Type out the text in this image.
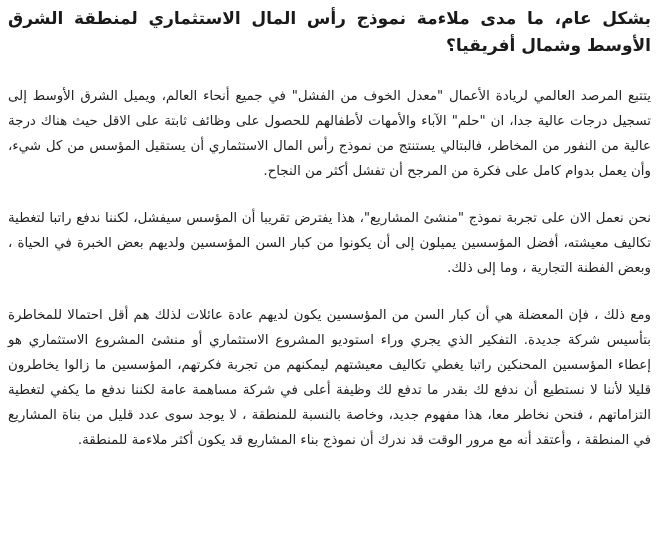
بشكل عام، ما مدى ملاءمة نموذج رأس المال الاستثماري لمنطقة الشرق الأوسط وشمال أفريقيا؟

يتتبع المرصد العالمي لريادة الأعمال "معدل الخوف من الفشل" في جميع أنحاء العالم، ويميل الشرق الأوسط إلى تسجيل درجات عالية جدا، ان "حلم" الآباء والأمهات لأطفالهم للحصول على وظائف ثابتة على الاقل حيث هناك درجة عالية من النفور من المخاطر، فالبتالي يستنتج من نموذج رأس المال الاستثماري أن يستقيل المؤسس من كل شيء، وأن يعمل بدوام كامل على فكرة من المرجح أن تفشل أكثر من النجاح.

نحن نعمل الان على تجربة نموذج "منشئ المشاريع"، هذا يفترض تقريبا أن المؤسس سيفشل، لكننا ندفع راتبا لتغطية تكاليف معيشته، أفضل المؤسسين يميلون إلى أن يكونوا من كبار السن المؤسسين ولديهم بعض الخبرة في الحياة ، وبعض الفطنة التجارية ، وما إلى ذلك.

ومع ذلك ، فإن المعضلة هي أن كبار السن من المؤسسين يكون لديهم عادة عائلات لذلك هم أقل احتمالا للمخاطرة بتأسيس شركة جديدة. التفكير الذي يجري وراء استوديو المشروع الاستثماري أو منشئ المشروع الاستثماري هو إعطاء المؤسسين المحنكين راتبا يغطي تكاليف معيشتهم ليمكنهم من تجربة فكرتهم، المؤسسين ما زالوا يخاطرون قليلا لأننا لا نستطيع أن ندفع لك بقدر ما تدفع لك وظيفة أعلى في شركة مساهمة عامة لكننا ندفع ما يكفي لتغطية التزاماتهم ، فنحن نخاطر معا، هذا مفهوم جديد، وخاصة بالنسبة للمنطقة ، لا يوجد سوى عدد قليل من بناة المشاريع في المنطقة ، وأعتقد أنه مع مرور الوقت قد ندرك أن نموذج بناء المشاريع قد يكون أكثر ملاءمة للمنطقة.
